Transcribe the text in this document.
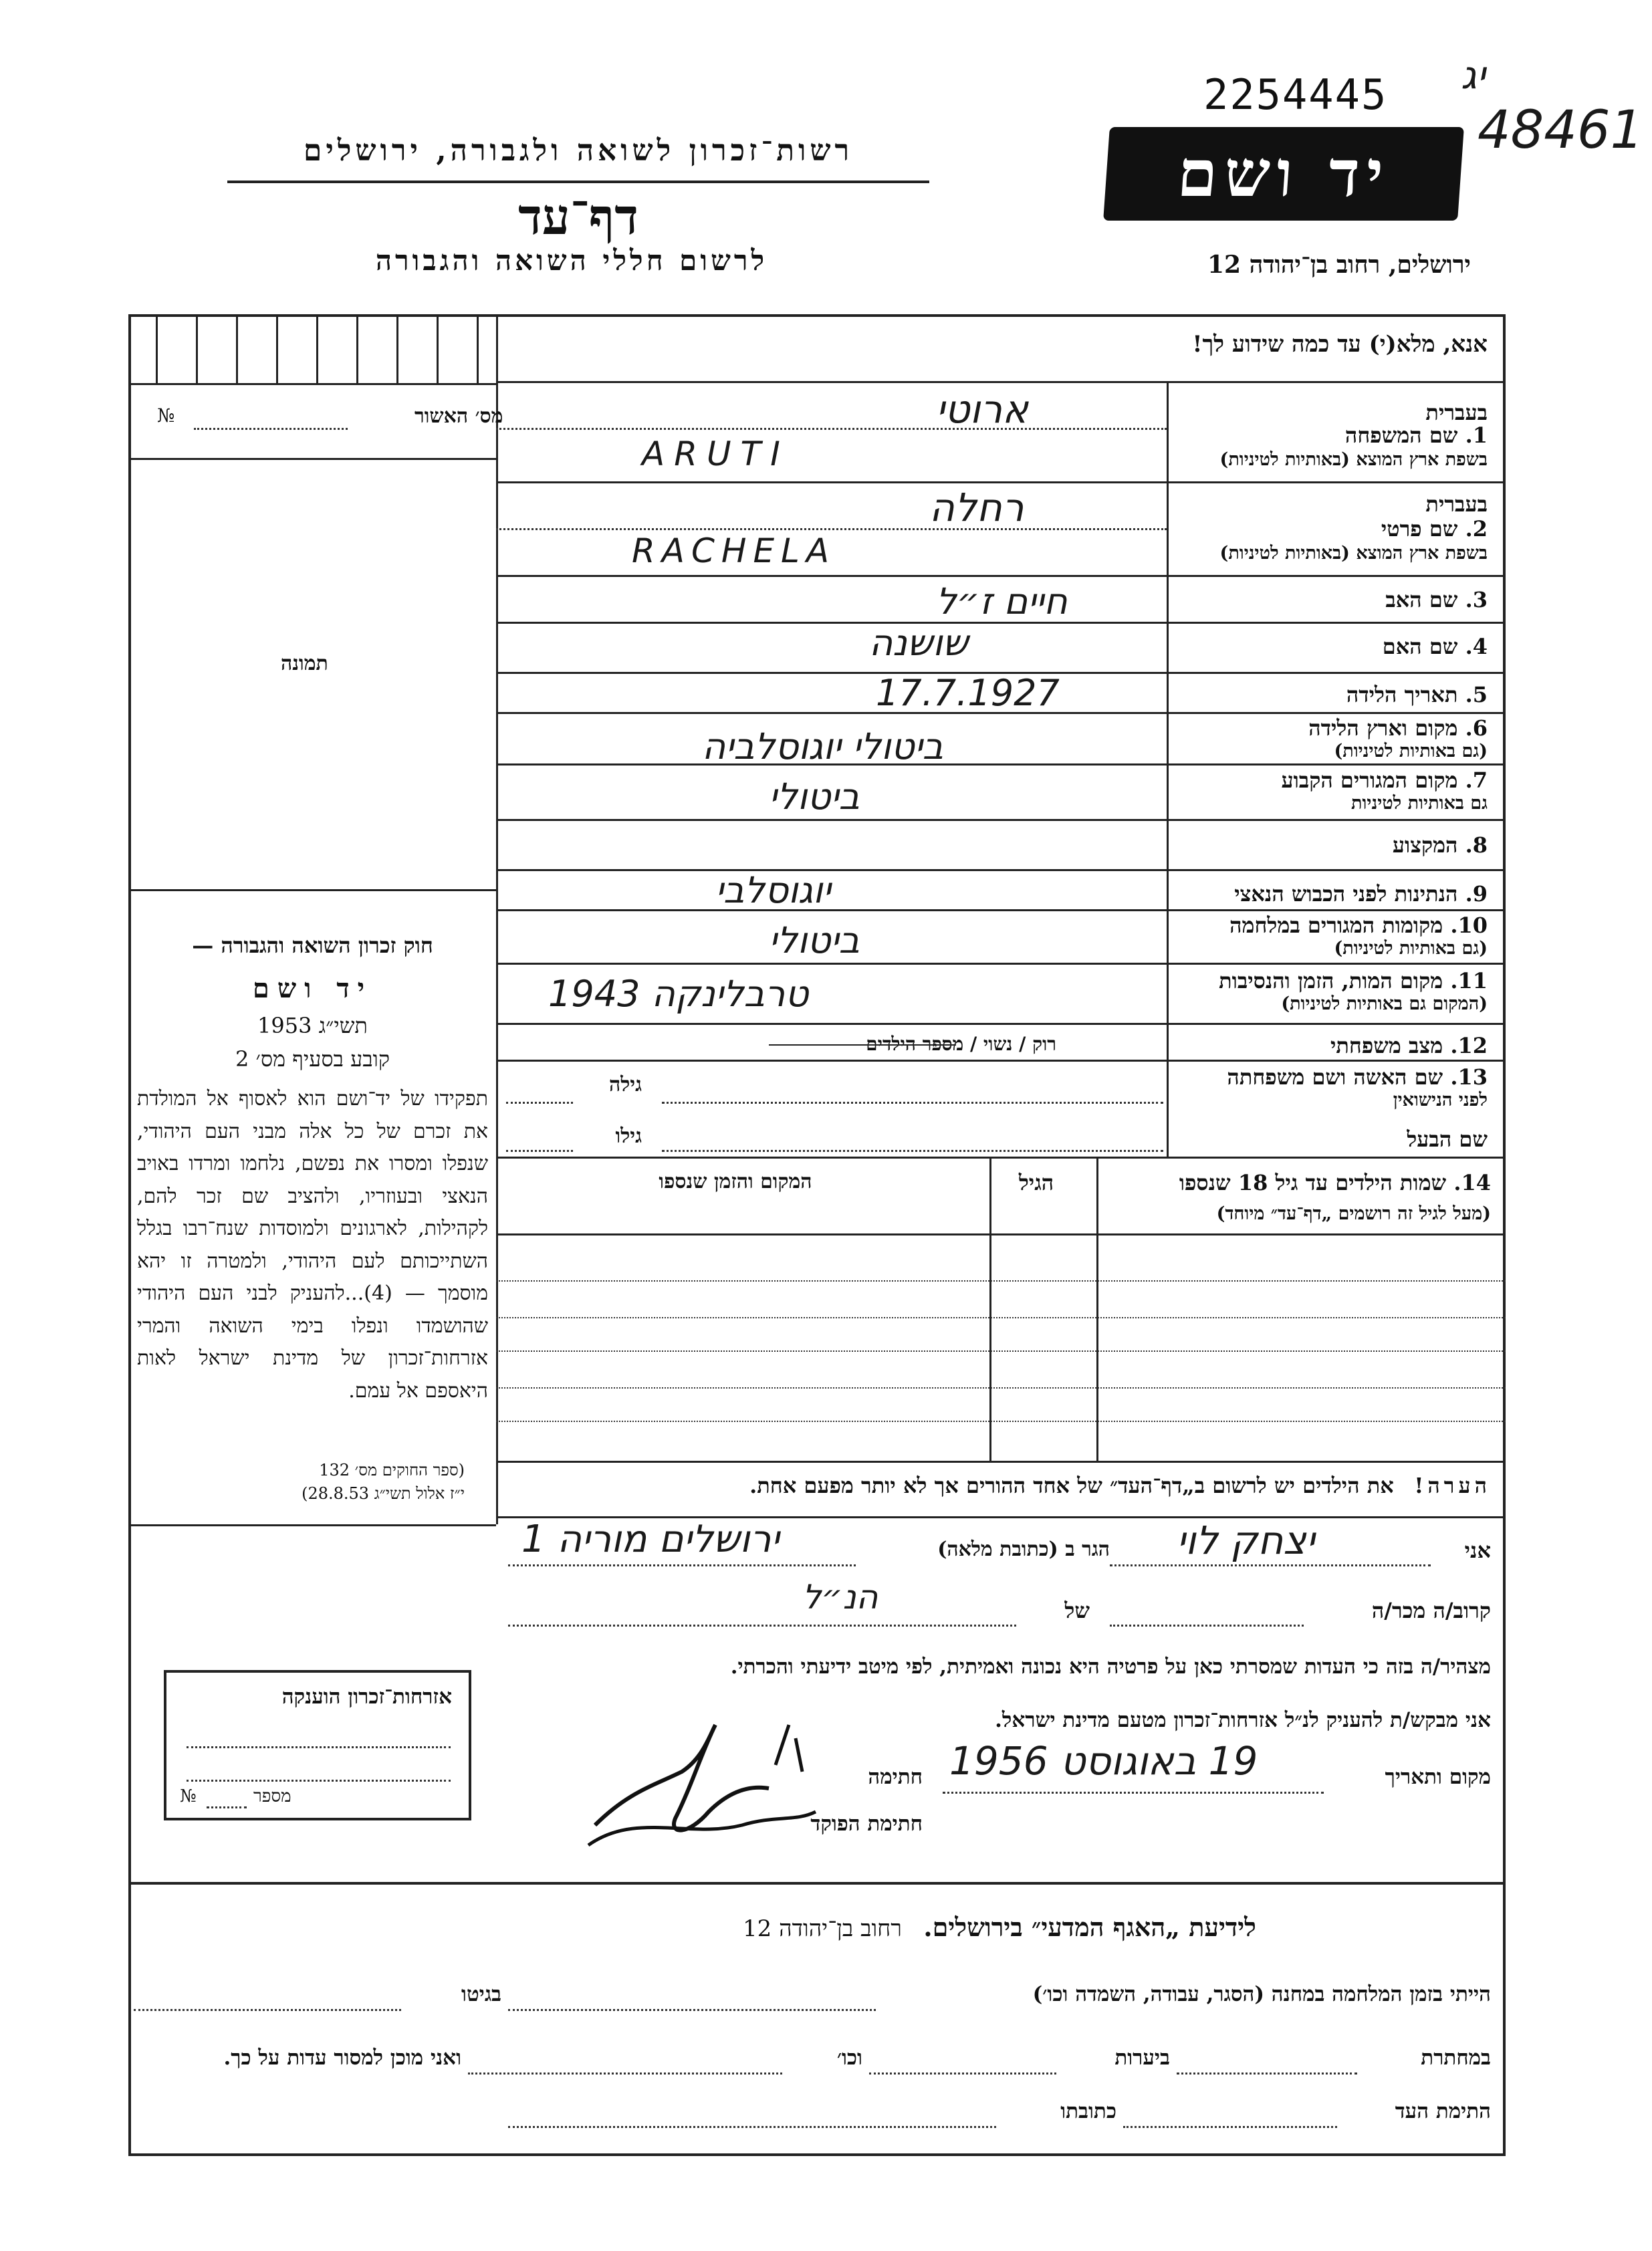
2254445 יג
48461
רשות־זכרון לשואה ולגבורה, ירושלים
דף־עד
לרשום חללי השואה והגבורה
יד ושם
ירושלים, רחוב בן־יהודה 12
אנא, מלא(י) עד כמה שידוע לך!
מס׳ האשור
№
תמונה
חוק זכרון השואה והגבורה —
יד ושם
תשי״ג 1953
קובע בסעיף מס׳ 2
תפקידו של יד־ושם הוא לאסוף אל המולדת את זכרם של כל אלה מבני העם היהודי, שנפלו ומסרו את נפשם, נלחמו ומרדו באויב הנאצי ובעוזריו, ולהציב שם זכר להם, לקהילות, לארגונים ולמוסדות שנח־רבו בגלל השתייכותם לעם היהודי, ולמטרה זו יהא מוסמך — (4)...להעניק לבני העם היהודי שהושמדו ונפלו בימי השואה והמרי אזרחות־זכרון של מדינת ישראל לאות היאספם אל עמם.
(ספר החוקים מס׳ 132
י״ז אלול תשי״ג 28.8.53)
בעברית
1. שם המשפחה
בשפת ארץ המוצא (באותיות לטיניות)
ארוטי
ARUTI
בעברית
2. שם פרטי
בשפת ארץ המוצא (באותיות לטיניות)
רחלה
RACHELA
3. שם האב
חיים ז״ל
4. שם האם
שושנה
5. תאריך הלידה
17.7.1927
6. מקום וארץ הלידה
(גם באותיות לטיניות)
ביטולי יוגוסלביה
7. מקום המגורים הקבוע
גם באותיות לטיניות
ביטולי
8. המקצוע
9. הנתינות לפני הכבוש הנאצי
יוגוסלבי
10. מקומות המגורים במלחמה
(גם באותיות לטיניות)
ביטולי
11. מקום המות, הזמן והנסיבות
(המקום גם באותיות לטיניות)
טרבלינקה 1943
12. מצב משפחתי
רוק / נשוי / מספר הילדים
13. שם האשה ושם משפחתה
לפני הנישואין
גילה
שם הבעל
גילו
14. שמות הילדים עד גיל 18 שנספו
(מעל לגיל זה רושמים „דף־עד״ מיוחד)
הגיל
המקום והזמן שנספו
הערה!   את הילדים יש לרשום ב„דף־העד״ של אחד ההורים אך לא יותר מפעם אחת.
אני
יצחק לוי
הגר ב (כתובת מלאה)
ירושלים מוריה 1
קרוב/ה מכר/ה
של
הנ״ל
מצהיר/ה בזה כי העדות שמסרתי כאן על פרטיה היא נכונה ואמיתית, לפי מיטב ידיעתי והכרתי.
אני מבקש/ת להעניק לנ״ל אזרחות־זכרון מטעם מדינת ישראל.
מקום ותאריך
19 באוגוסט 1956
חתימה
חתימת הפוקד
אזרחות־זכרון הוענקה
מספר
№
לידיעת „האגף המדעי״ בירושלים.   רחוב בן־יהודה 12
הייתי בזמן המלחמה במחנה (הסגר, עבודה, השמדה וכו׳)
בגיטו
במחתרת
ביערות
וכו׳
ואני מוכן למסור עדות על כך.
התימת העד
כתובתו
